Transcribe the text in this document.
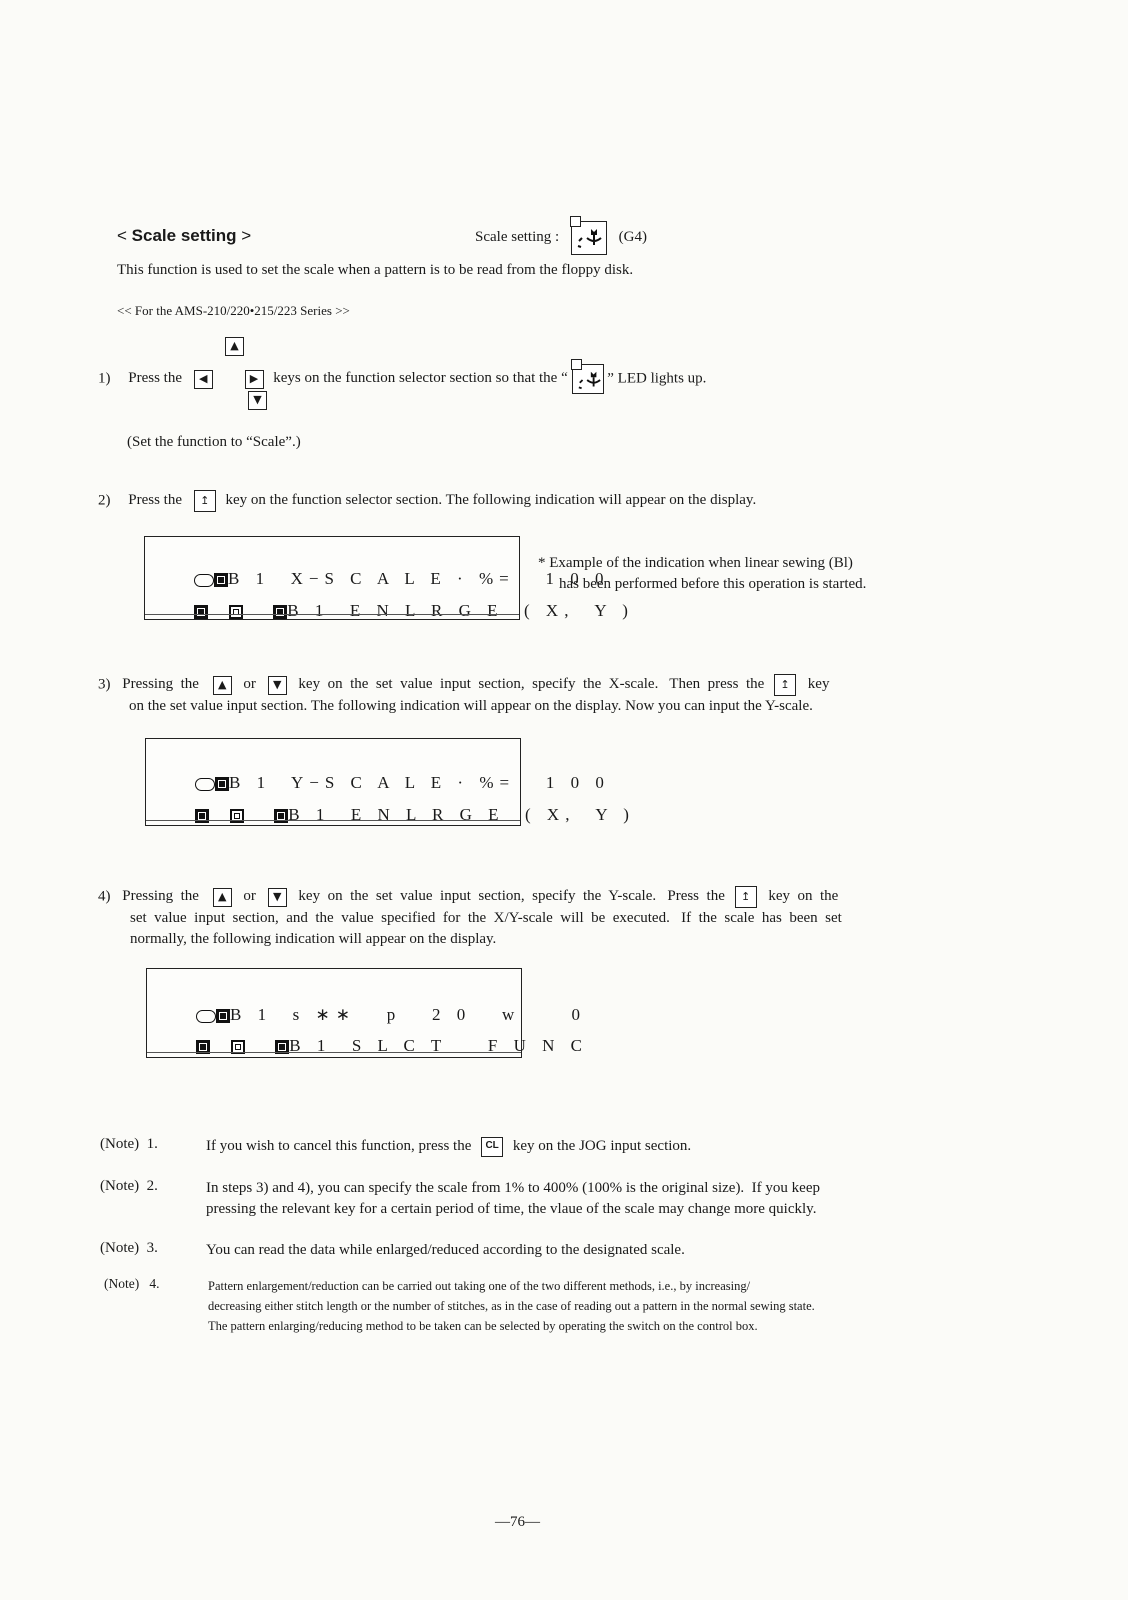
< Scale setting >	Scale setting :	(G4)
This function is used to set the scale when a pattern is to be read from the floppy disk.
<< For the AMS-210/220•215/223 Series >>
▲ ▼
1) Press the ◀	▶ keys on the function selector section so that the “	” LED lights up.
(Set the function to “Scale”.)
2) Press the ↥ key on the function selector section. The following indication will appear on the display.

B 1 X−S C A L E · %=   1 0 0

B 1 E N L R G E  ( X,  Y )

* Example of the indication when linear sewing (Bl)
has been performed before this operation is started.
3) Pressing  the ▲ or ▼ key  on  the  set  value  input  section,  specify  the  X-scale.   Then  press  the ↥ key
on the set value input section. The following indication will appear on the display. Now you can input the Y-scale.

B 1 Y−S C A L E · %=   1 0 0

B 1 E N L R G E  ( X,  Y )

4) Pressing  the ▲ or ▼ key  on  the  set  value  input  section,  specify  the  Y-scale.   Press  the ↥ key  on  the
set  value  input  section,  and  the  value  specified  for  the  X/Y-scale  will  be  executed.   If  the  scale  has  been  set
normally, the following indication will appear on the display.

B 1 s ∗∗   p   2 0   w     0

B 1 S L C T    F U N C

(Note) 1.	If you wish to cancel this function, press the CL key on the JOG input section.
(Note) 2.	In steps 3) and 4), you can specify the scale from 1% to 400% (100% is the original size).  If you keep
pressing the relevant key for a certain period of time, the vlaue of the scale may change more quickly.
(Note) 3.	You can read the data while enlarged/reduced according to the designated scale.
(Note) 4.	Pattern enlargement/reduction can be carried out taking one of the two different methods, i.e., by increasing/
decreasing either stitch length or the number of stitches, as in the case of reading out a pattern in the normal sewing state.
The pattern enlarging/reducing method to be taken can be selected by operating the switch on the control box.
—76—
